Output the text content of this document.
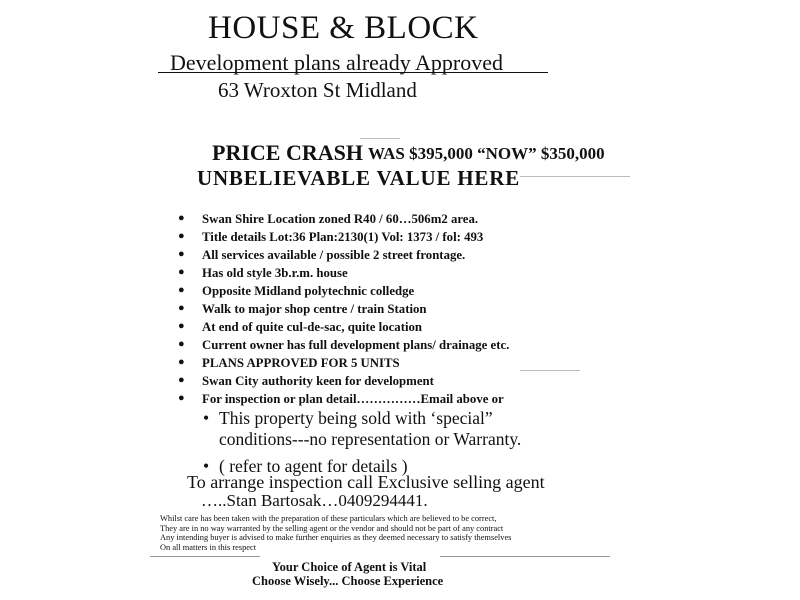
HOUSE & BLOCK
Development plans already Approved
63 Wroxton St Midland
PRICE CRASH WAS $395,000 “NOW” $350,000
UNBELIEVABLE VALUE HERE
●	Swan Shire Location zoned R40 / 60…506m2 area.
●	Title details Lot:36 Plan:2130(1) Vol: 1373 / fol: 493
●	All services available / possible 2 street frontage.
●	Has old style 3b.r.m. house
●	Opposite Midland polytechnic colledge
●	Walk to major shop centre / train Station
●	At end of quite cul-de-sac, quite location
●	Current owner has full development plans/ drainage etc.
●	PLANS APPROVED FOR 5 UNITS
●	Swan City authority keen for development
●	For inspection or plan detail……………Email above or
• This property being sold with ‘special”
conditions---no representation or Warranty.
• ( refer to agent for details )
To arrange inspection call Exclusive selling agent
…..Stan Bartosak…0409294441.
Whilst care has been taken with the preparation of these particulars which are believed to be correct,
They are in no way warranted by the selling agent or the vendor and should not be part of any contract
Any intending buyer is advised to make further enquiries as they deemed necessary to satisfy themselves
On all matters in this respect
Your Choice of Agent is Vital
Choose Wisely... Choose Experience
